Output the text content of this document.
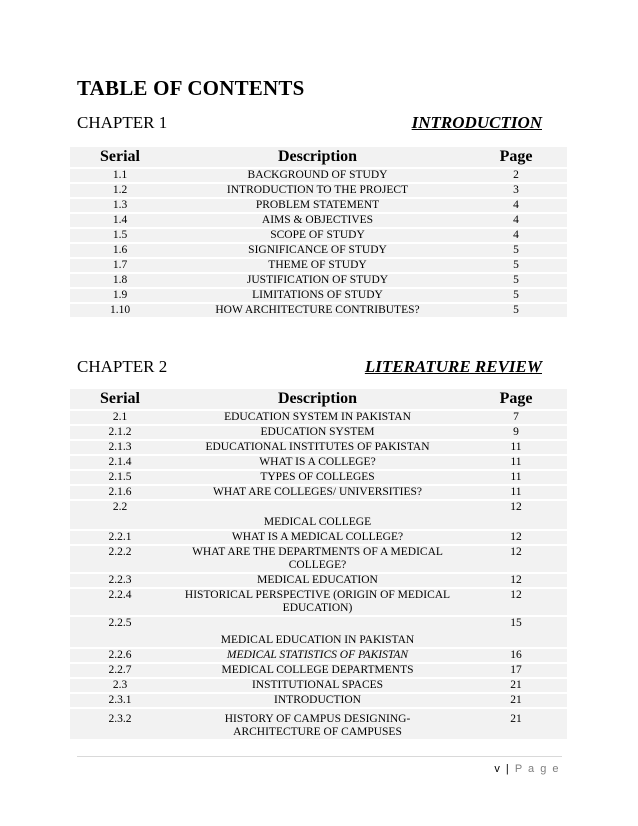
TABLE OF CONTENTS
CHAPTER 1	INTRODUCTION
Serial	Description	Page
1.1	BACKGROUND OF STUDY	2
1.2	INTRODUCTION TO THE PROJECT	3
1.3	PROBLEM STATEMENT	4
1.4	AIMS & OBJECTIVES	4
1.5	SCOPE OF STUDY	4
1.6	SIGNIFICANCE OF STUDY	5
1.7	THEME OF STUDY	5
1.8	JUSTIFICATION OF STUDY	5
1.9	LIMITATIONS OF STUDY	5
1.10	HOW ARCHITECTURE CONTRIBUTES?	5
CHAPTER 2	LITERATURE REVIEW
Serial	Description	Page
2.1	EDUCATION SYSTEM IN PAKISTAN	7
2.1.2	EDUCATION SYSTEM	9
2.1.3	EDUCATIONAL INSTITUTES OF PAKISTAN	11
2.1.4	WHAT IS A COLLEGE?	11
2.1.5	TYPES OF COLLEGES	11
2.1.6	WHAT ARE COLLEGES/ UNIVERSITIES?	11
2.2	MEDICAL COLLEGE	12
2.2.1	WHAT IS A MEDICAL COLLEGE?	12
2.2.2	WHAT ARE THE DEPARTMENTS OF A MEDICAL COLLEGE?	12
2.2.3	MEDICAL EDUCATION	12
2.2.4	HISTORICAL PERSPECTIVE (ORIGIN OF MEDICAL EDUCATION)	12
2.2.5	MEDICAL EDUCATION IN PAKISTAN	15
2.2.6	MEDICAL STATISTICS OF PAKISTAN	16
2.2.7	MEDICAL COLLEGE DEPARTMENTS	17
2.3	INSTITUTIONAL SPACES	21
2.3.1	INTRODUCTION	21
2.3.2	HISTORY OF CAMPUS DESIGNING-ARCHITECTURE OF CAMPUSES	21
v | P a g e
